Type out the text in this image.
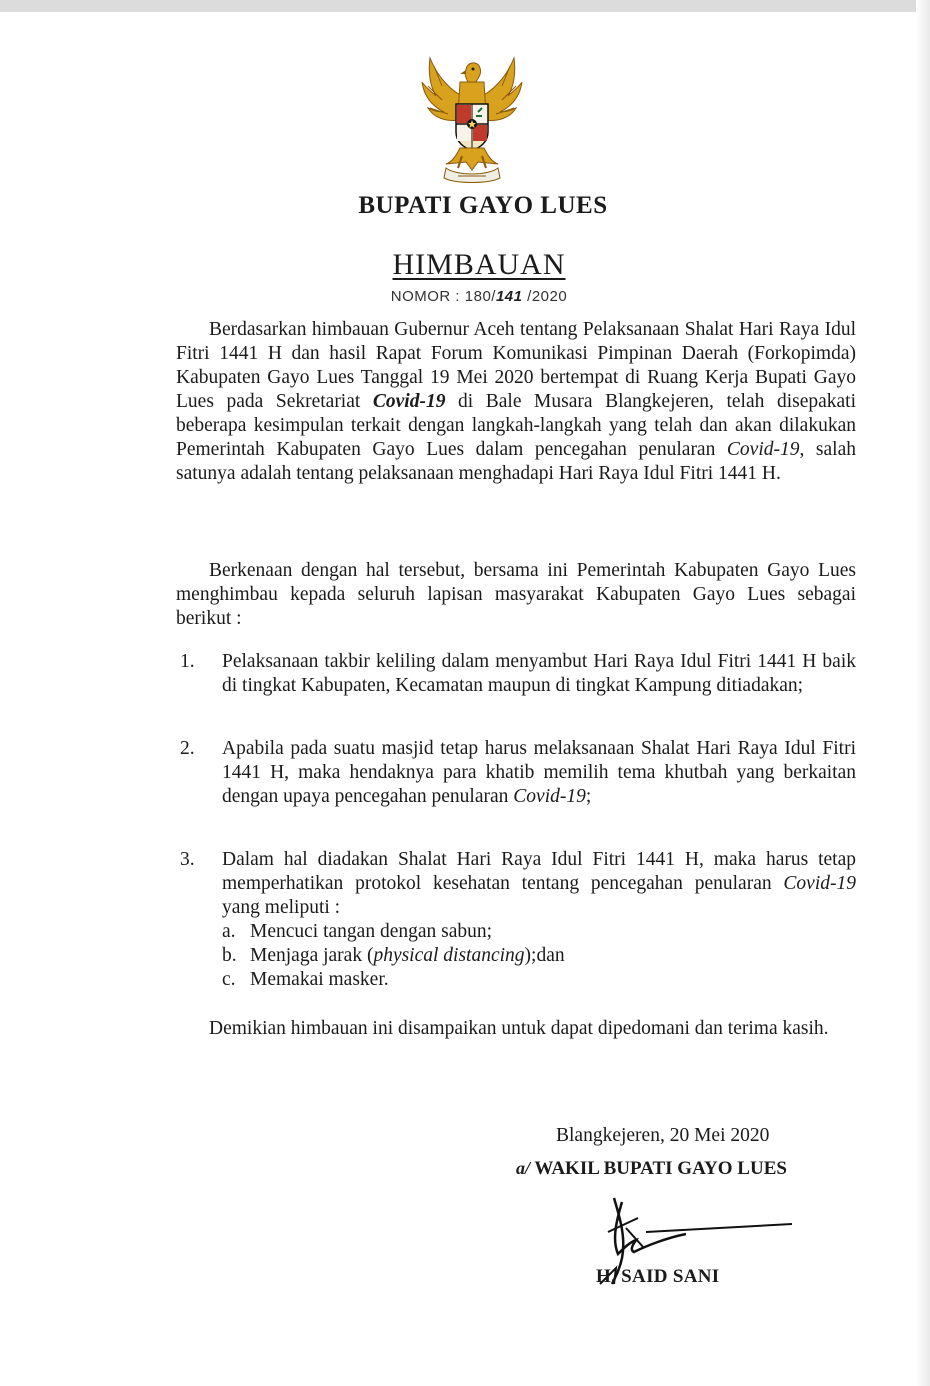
BUPATI GAYO LUES
HIMBAUAN
NOMOR : 180/141 /2020
Berdasarkan himbauan Gubernur Aceh tentang Pelaksanaan Shalat Hari Raya Idul Fitri 1441 H dan hasil Rapat Forum Komunikasi Pimpinan Daerah (Forkopimda) Kabupaten Gayo Lues Tanggal 19 Mei 2020 bertempat di Ruang Kerja Bupati Gayo Lues pada Sekretariat Covid-19 di Bale Musara Blangkejeren, telah disepakati beberapa kesimpulan terkait dengan langkah-langkah yang telah dan akan dilakukan Pemerintah Kabupaten Gayo Lues dalam pencegahan penularan Covid-19, salah satunya adalah tentang pelaksanaan menghadapi Hari Raya Idul Fitri 1441 H.
Berkenaan dengan hal tersebut, bersama ini Pemerintah Kabupaten Gayo Lues menghimbau kepada seluruh lapisan masyarakat Kabupaten Gayo Lues sebagai berikut :
1. Pelaksanaan takbir keliling dalam menyambut Hari Raya Idul Fitri 1441 H baik di tingkat Kabupaten, Kecamatan maupun di tingkat Kampung ditiadakan;
2. Apabila pada suatu masjid tetap harus melaksanaan Shalat Hari Raya Idul Fitri 1441 H, maka hendaknya para khatib memilih tema khutbah yang berkaitan dengan upaya pencegahan penularan Covid-19;
3. Dalam hal diadakan Shalat Hari Raya Idul Fitri 1441 H, maka harus tetap memperhatikan protokol kesehatan tentang pencegahan penularan Covid-19 yang meliputi :
a. Mencuci tangan dengan sabun;
b. Menjaga jarak (physical distancing);dan
c. Memakai masker.
Demikian himbauan ini disampaikan untuk dapat dipedomani dan terima kasih.
Blangkejeren, 20 Mei 2020
a/ WAKIL BUPATI GAYO LUES
H. SAID SANI
